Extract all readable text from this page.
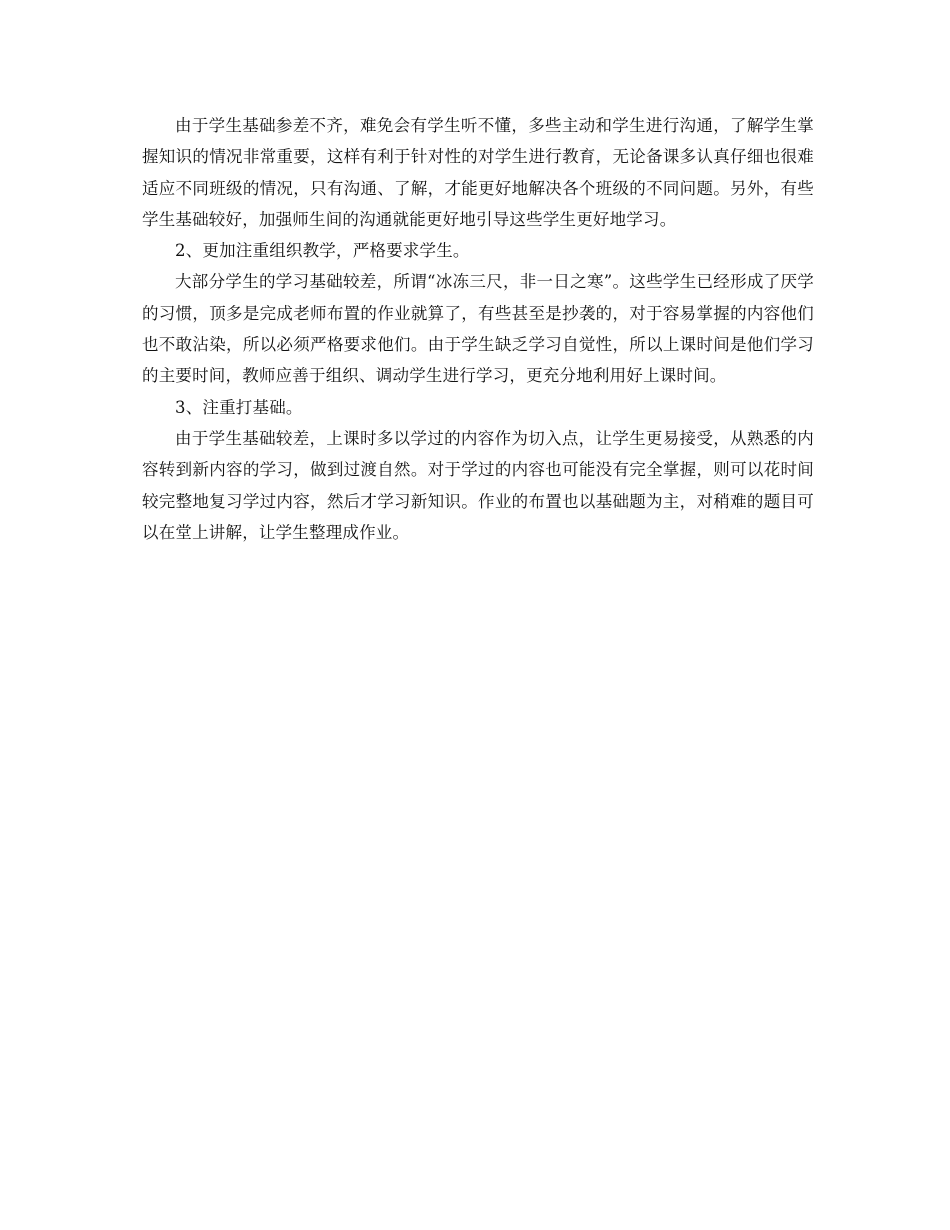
由于学生基础参差不齐，难免会有学生听不懂，多些主动和学生进行沟通，了解学生掌握知识的情况非常重要，这样有利于针对性的对学生进行教育，无论备课多认真仔细也很难适应不同班级的情况，只有沟通、了解，才能更好地解决各个班级的不同问题。另外，有些学生基础较好，加强师生间的沟通就能更好地引导这些学生更好地学习。

2、更加注重组织教学，严格要求学生。

大部分学生的学习基础较差，所谓“冰冻三尺，非一日之寒”。这些学生已经形成了厌学的习惯，顶多是完成老师布置的作业就算了，有些甚至是抄袭的，对于容易掌握的内容他们也不敢沾染，所以必须严格要求他们。由于学生缺乏学习自觉性，所以上课时间是他们学习的主要时间，教师应善于组织、调动学生进行学习，更充分地利用好上课时间。

3、注重打基础。

由于学生基础较差，上课时多以学过的内容作为切入点，让学生更易接受，从熟悉的内容转到新内容的学习，做到过渡自然。对于学过的内容也可能没有完全掌握，则可以花时间较完整地复习学过内容，然后才学习新知识。作业的布置也以基础题为主，对稍难的题目可以在堂上讲解，让学生整理成作业。
